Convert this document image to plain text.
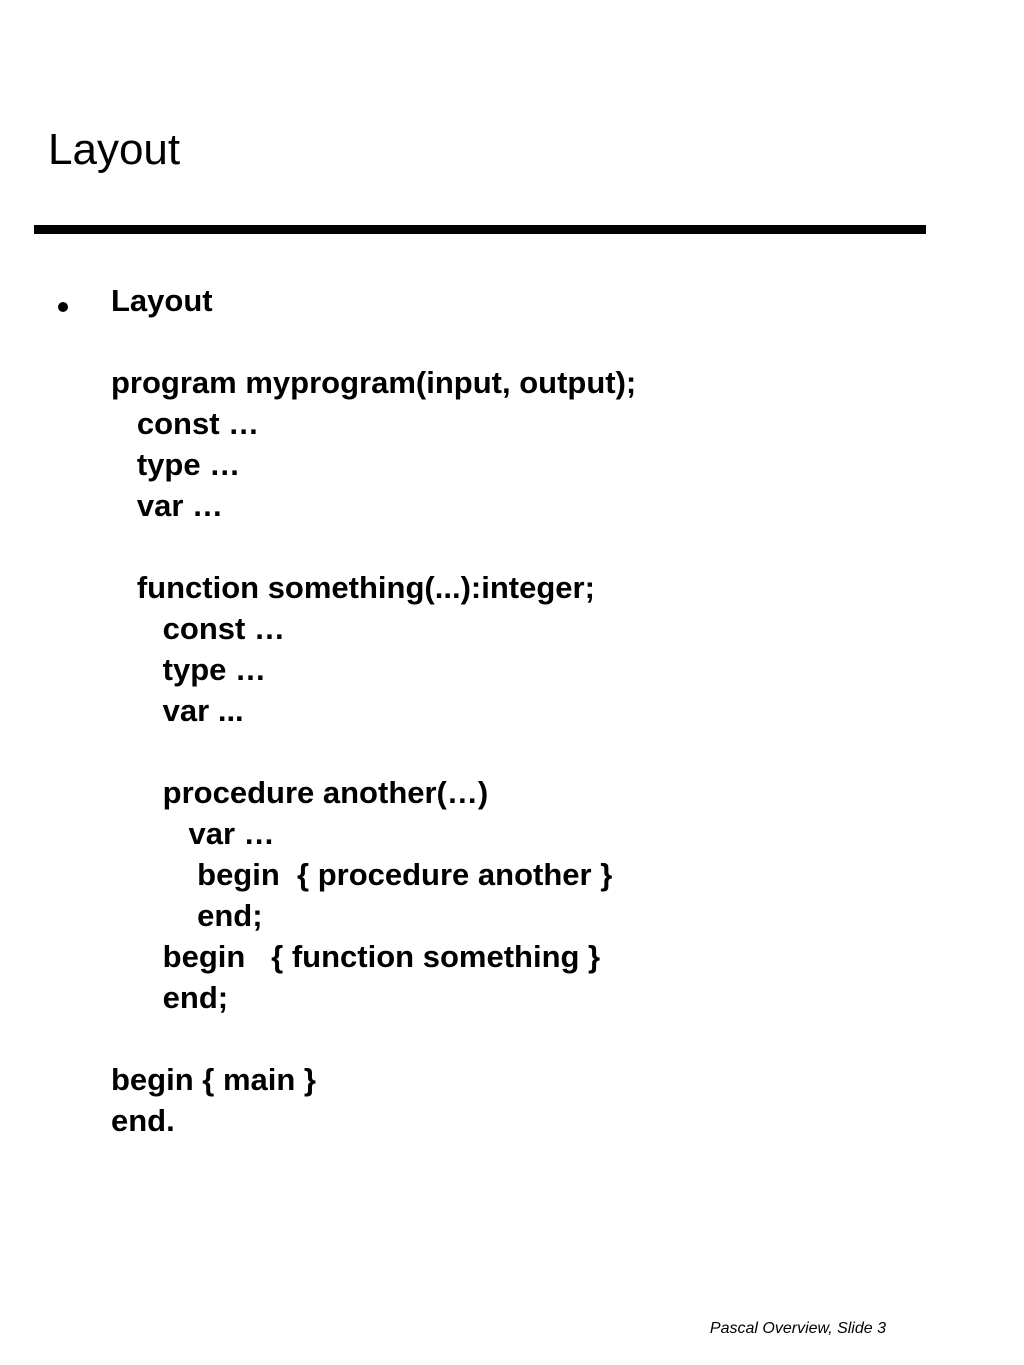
Layout
Layout
program myprogram(input, output);
const …
type …
var …
function something(...):integer;
const …
type …
var ...
procedure another(…)
var …
begin  { procedure another }
end;
begin   { function something }
end;
begin { main }
end.
Pascal Overview, Slide 3
